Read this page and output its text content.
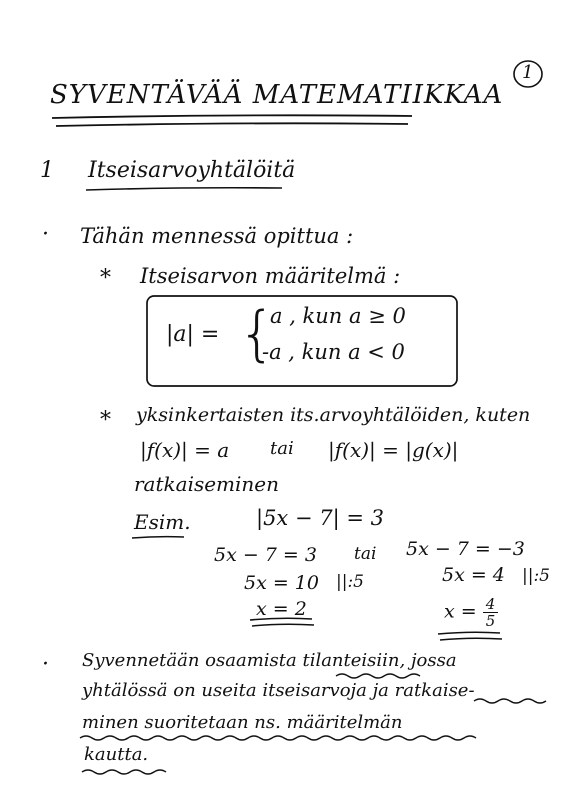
1
SYVENTÄVÄÄ MATEMATIIKKAA
1 Itseisarvoyhtälöitä
· Tähän mennessä opittua :
* Itseisarvon määritelmä :
|a| = {
a , kun a ≥ 0
-a , kun a < 0
* yksinkertaisten its.arvoyhtälöiden, kuten
|f(x)| = a tai |f(x)| = |g(x)|
ratkaiseminen
Esim.	|5x − 7| = 3
5x − 7 = 3
5x = 10 ||:5
x = 2
tai 5x − 7 = −3
5x = 4 ||:5
$x = \frac{4}{5}$
· Syvennetään osaamista tilanteisiin, jossa
yhtälössä on useita itseisarvoja ja ratkaise-
minen suoritetaan ns. määritelmän
kautta.
